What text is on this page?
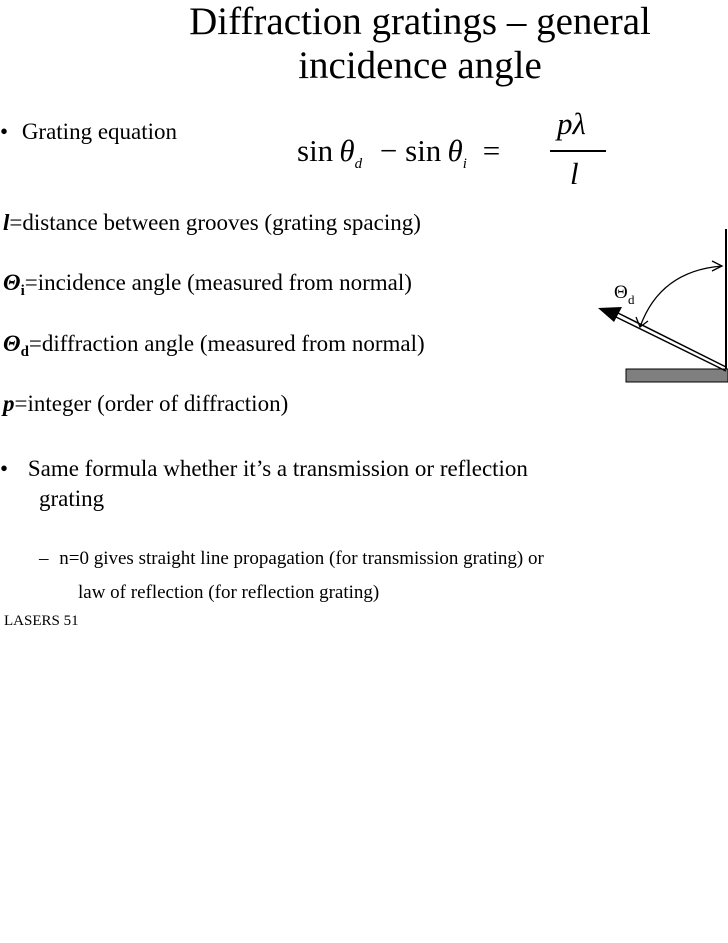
Diffraction gratings – general
incidence angle
• Grating equation
$\sin \theta_d - \sin \theta_i$ =
pλ
l
l=distance between grooves (grating spacing)
$\Theta_i=incidence$ angle (measured from normal)
$\Theta_d=diffraction$ angle (measured from normal)
p=integer (order of diffraction)
• Same formula whether it’s a transmission or reflection
grating
– n=0 gives straight line propagation (for transmission grating) or
law of reflection (for reflection grating)
LASERS 51
Θ d
